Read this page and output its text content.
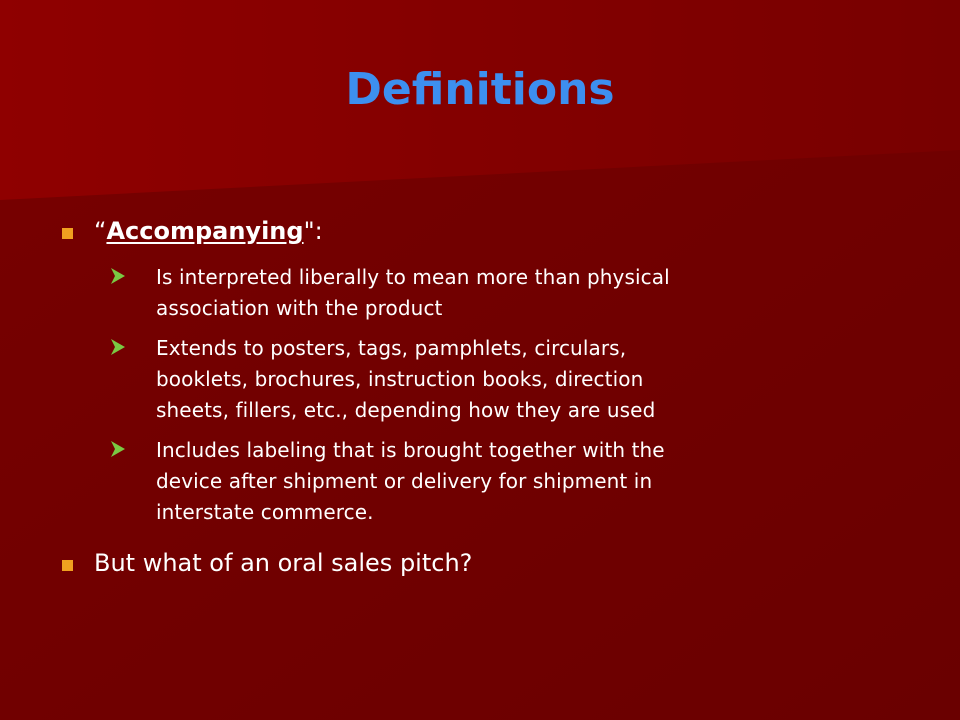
Definitions
“Accompanying":
Is interpreted liberally to mean more than physical
association with the product
Extends to posters, tags, pamphlets, circulars,
booklets, brochures, instruction books, direction
sheets, fillers, etc., depending how they are used
Includes labeling that is brought together with the
device after shipment or delivery for shipment in
interstate commerce.
But what of an oral sales pitch?
